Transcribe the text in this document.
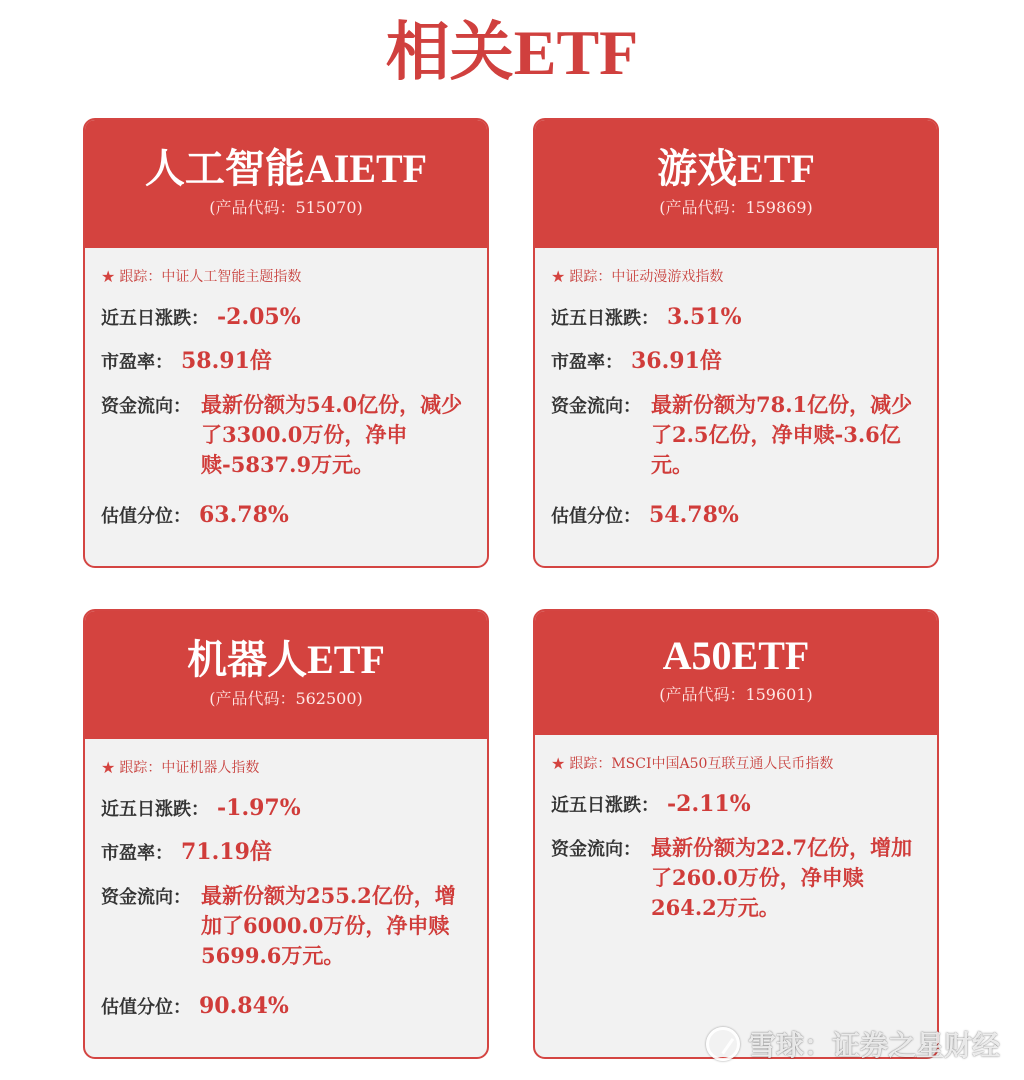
相关ETF
人工智能AIETF
(产品代码：515070)
★ 跟踪：中证人工智能主题指数
近五日涨跌： -2.05%
市盈率： 58.91倍
资金流向： 最新份额为54.0亿份，减少了3300.0万份，净申赎-5837.9万元。
估值分位： 63.78%
游戏ETF
(产品代码：159869)
★ 跟踪：中证动漫游戏指数
近五日涨跌： 3.51%
市盈率： 36.91倍
资金流向： 最新份额为78.1亿份，减少了2.5亿份，净申赎-3.6亿元。
估值分位： 54.78%
机器人ETF
(产品代码：562500)
★ 跟踪：中证机器人指数
近五日涨跌： -1.97%
市盈率： 71.19倍
资金流向： 最新份额为255.2亿份，增加了6000.0万份，净申赎5699.6万元。
估值分位： 90.84%
A50ETF
(产品代码：159601)
★ 跟踪：MSCI中国A50互联互通人民币指数
近五日涨跌： -2.11%
资金流向： 最新份额为22.7亿份，增加了260.0万份，净申赎264.2万元。
雪球：证券之星财经
